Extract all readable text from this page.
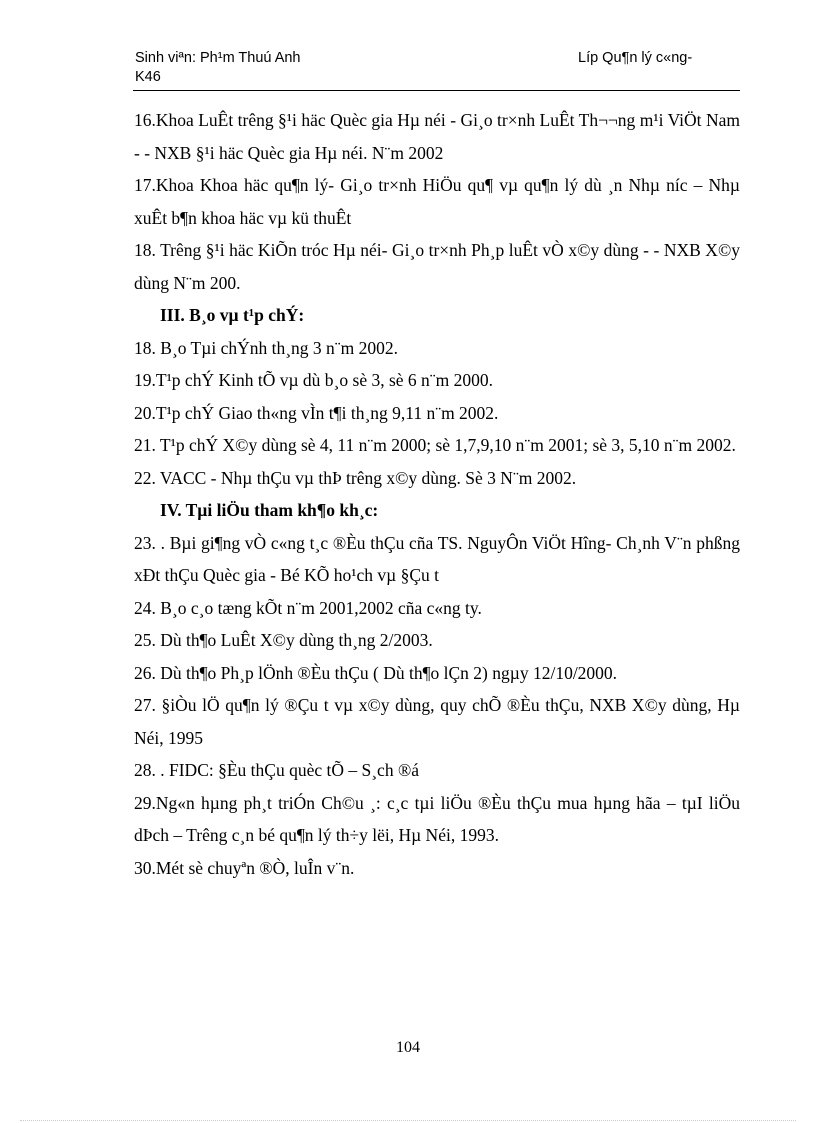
Sinh viªn: Ph¹m Thuú Anh
K46
Líp Qu¶n lý c«ng-

16.Khoa LuÊt trêng §¹i häc Quèc gia Hµ néi - Gi¸o tr×nh LuÊt Th¬¬ng m¹i ViÖt Nam - - NXB §¹i häc Quèc gia Hµ néi. N¨m 2002

17.Khoa Khoa häc qu¶n lý- Gi¸o tr×nh HiÖu qu¶ vµ qu¶n lý dù ¸n Nhµ níc – Nhµ xuÊt b¶n khoa häc vµ kü thuÊt

18. Trêng §¹i häc KiÕn tróc Hµ néi- Gi¸o tr×nh Ph¸p luÊt vÒ x©y dùng - - NXB X©y dùng N¨m 200.

III. B¸o vµ t¹p chÝ:

18. B¸o Tµi chÝnh th¸ng 3 n¨m 2002.

19.T¹p chÝ Kinh tÕ vµ dù b¸o sè 3, sè 6 n¨m 2000.

20.T¹p chÝ Giao th«ng vÌn t¶i th¸ng 9,11 n¨m 2002.

21. T¹p chÝ X©y dùng sè 4, 11 n¨m 2000; sè 1,7,9,10 n¨m 2001; sè 3, 5,10 n¨m 2002.

22. VACC - Nhµ thÇu vµ thÞ trêng x©y dùng. Sè 3 N¨m 2002.

IV. Tµi liÖu tham kh¶o kh¸c:

23. . Bµi gi¶ng vÒ c«ng t¸c ®Èu thÇu cña TS. NguyÔn ViÖt Hîng- Ch¸nh V¨n phßng xÐt thÇu Quèc gia - Bé KÕ ho¹ch vµ §Çu t

24. B¸o c¸o tæng kÕt n¨m 2001,2002 cña c«ng ty.

25. Dù th¶o LuÊt X©y dùng th¸ng 2/2003.

26. Dù th¶o Ph¸p lÖnh ®Èu thÇu ( Dù th¶o lÇn 2) ngµy 12/10/2000.

27. §iÒu lÖ qu¶n lý ®Çu t vµ x©y dùng, quy chÕ ®Èu thÇu, NXB X©y dùng, Hµ Néi, 1995

28. . FIDC: §Èu thÇu quèc tÕ – S¸ch ®á

29.Ng«n hµng ph¸t triÓn Ch©u ¸: c¸c tµi liÖu ®Èu thÇu mua hµng hãa – tµI liÖu dÞch – Trêng c¸n bé qu¶n lý th÷y lëi, Hµ Néi, 1993.

30.Mét sè chuyªn ®Ò, luÎn v¨n.

104
